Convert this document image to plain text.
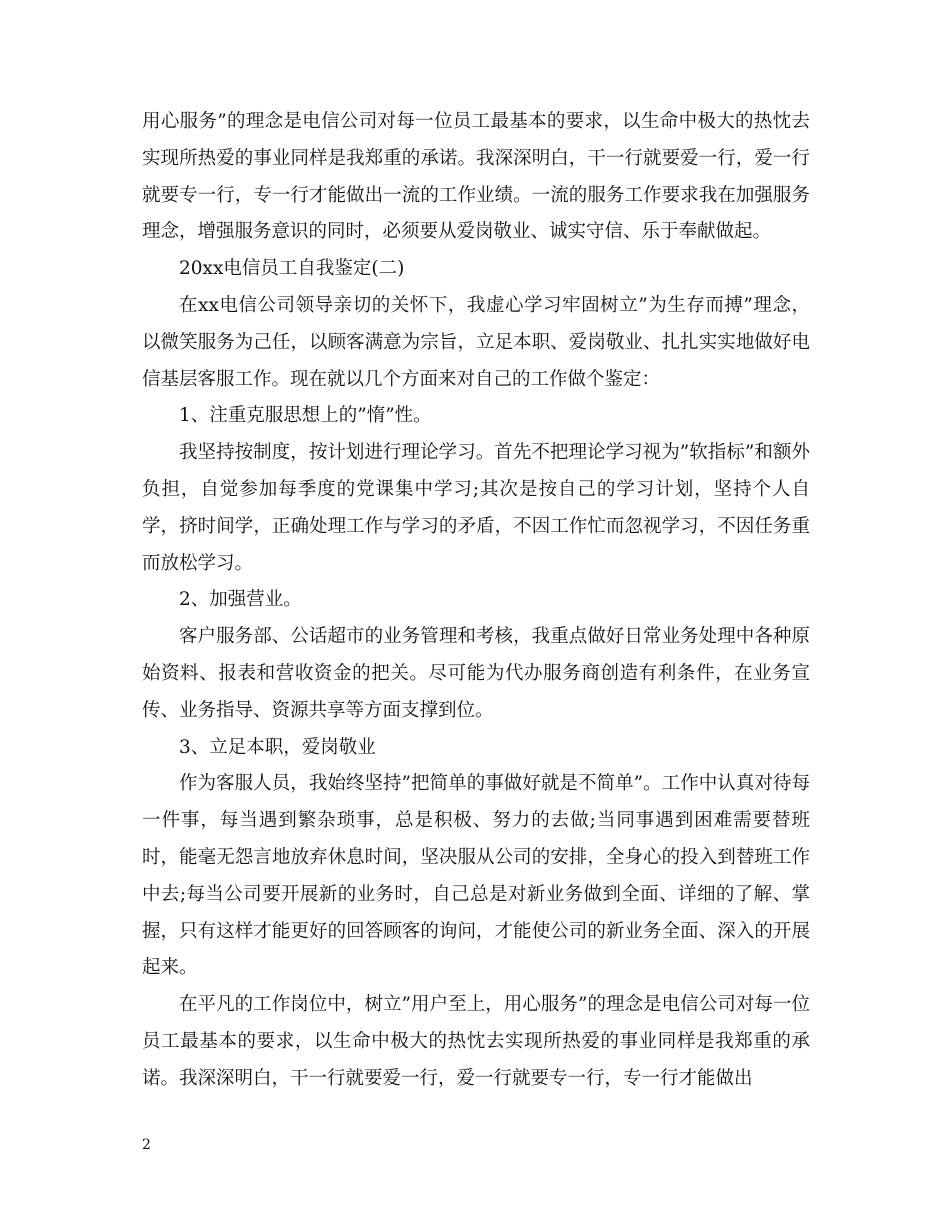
用心服务”的理念是电信公司对每一位员工最基本的要求，以生命中极大的热忱去实现所热爱的事业同样是我郑重的承诺。我深深明白，干一行就要爱一行，爱一行就要专一行，专一行才能做出一流的工作业绩。一流的服务工作要求我在加强服务理念，增强服务意识的同时，必须要从爱岗敬业、诚实守信、乐于奉献做起。

20xx电信员工自我鉴定(二)

在xx电信公司领导亲切的关怀下，我虚心学习牢固树立”为生存而搏”理念，以微笑服务为己任，以顾客满意为宗旨，立足本职、爱岗敬业、扎扎实实地做好电信基层客服工作。现在就以几个方面来对自己的工作做个鉴定：

1、注重克服思想上的”惰”性。

我坚持按制度，按计划进行理论学习。首先不把理论学习视为”软指标”和额外负担，自觉参加每季度的党课集中学习;其次是按自己的学习计划，坚持个人自学，挤时间学，正确处理工作与学习的矛盾，不因工作忙而忽视学习，不因任务重而放松学习。

2、加强营业。

客户服务部、公话超市的业务管理和考核，我重点做好日常业务处理中各种原始资料、报表和营收资金的把关。尽可能为代办服务商创造有利条件，在业务宣传、业务指导、资源共享等方面支撑到位。

3、立足本职，爱岗敬业

作为客服人员，我始终坚持”把简单的事做好就是不简单”。工作中认真对待每一件事，每当遇到繁杂琐事，总是积极、努力的去做;当同事遇到困难需要替班时，能毫无怨言地放弃休息时间，坚决服从公司的安排，全身心的投入到替班工作中去;每当公司要开展新的业务时，自己总是对新业务做到全面、详细的了解、掌握，只有这样才能更好的回答顾客的询问，才能使公司的新业务全面、深入的开展起来。

在平凡的工作岗位中，树立”用户至上，用心服务”的理念是电信公司对每一位员工最基本的要求，以生命中极大的热忱去实现所热爱的事业同样是我郑重的承诺。我深深明白，干一行就要爱一行，爱一行就要专一行，专一行才能做出

2
